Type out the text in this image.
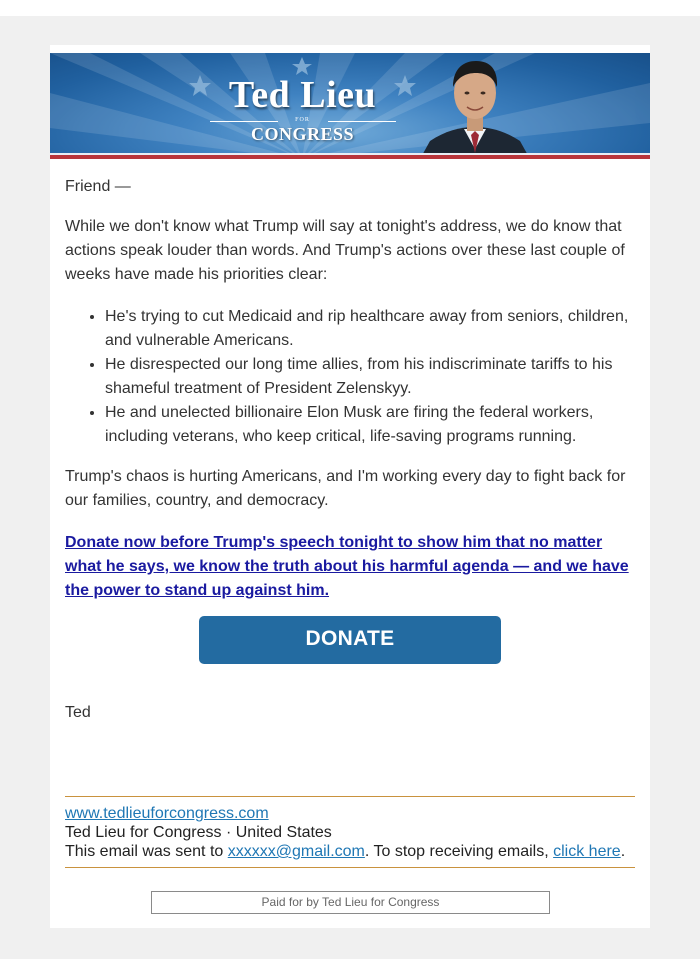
Ted Lieu
FOR
CONGRESS

Friend —

While we don't know what Trump will say at tonight's address, we do know that actions speak louder than words. And Trump's actions over these last couple of weeks have made his priorities clear:

• He's trying to cut Medicaid and rip healthcare away from seniors, children, and vulnerable Americans.
• He disrespected our long time allies, from his indiscriminate tariffs to his shameful treatment of President Zelenskyy.
• He and unelected billionaire Elon Musk are firing the federal workers, including veterans, who keep critical, life-saving programs running.

Trump's chaos is hurting Americans, and I'm working every day to fight back for our families, country, and democracy.

Donate now before Trump's speech tonight to show him that no matter what he says, we know the truth about his harmful agenda — and we have the power to stand up against him.
DONATE
Ted
www.tedlieuforcongress.com
Ted Lieu for Congress · United States
This email was sent to xxxxxx@gmail.com. To stop receiving emails, click here.
Paid for by Ted Lieu for Congress
